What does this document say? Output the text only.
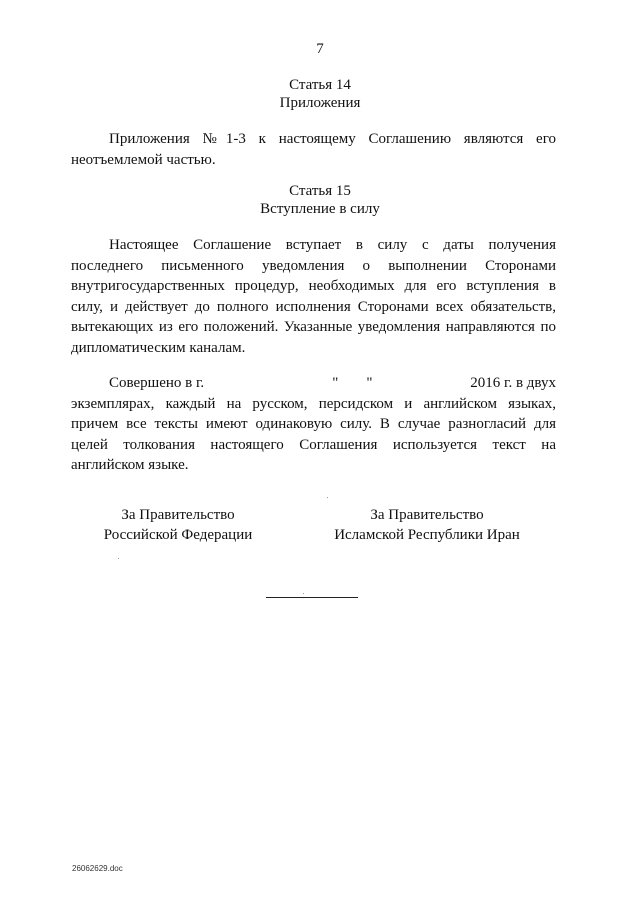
7
Статья 14
Приложения
Приложения №1-3 к настоящему Соглашению являются его
неотъемлемой частью.
Статья 15
Вступление в силу
Настоящее Соглашение вступает в силу с даты получения
последнего письменного уведомления о выполнении Сторонами
внутригосударственных процедур, необходимых для его вступления в
силу, и действует до полного исполнения Сторонами всех обязательств,
вытекающих из его положений. Указанные уведомления направляются по
дипломатическим каналам.
Совершено в г.	" "	2016 г. в двух
экземплярах, каждый на русском, персидском и английском языках,
причем все тексты имеют одинаковую силу. В случае разногласий для
целей толкования настоящего Соглашения используется текст на
английском языке.
За Правительство
Российской Федерации
За Правительство
Исламской Республики Иран
26062629.doc
